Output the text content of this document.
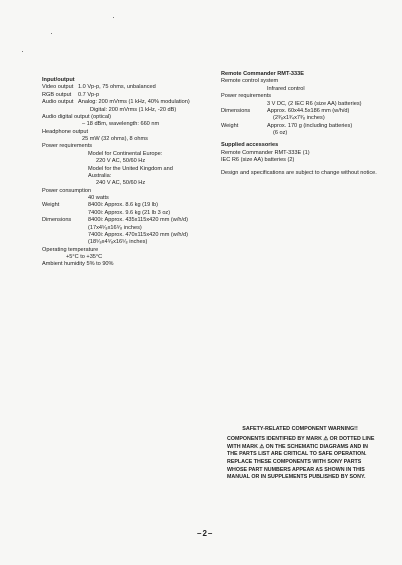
Input/output
Video output 1.0 Vp-p, 75 ohms, unbalanced
RGB output	0.7 Vp-p
Audio output Analog: 200 mVrms (1 kHz, 40% modulation)
Digital: 200 mVrms (1 kHz, -20 dB)
Audio digital output (optical)
– 18 dBm, wavelength: 660 nm
Headphone output
25 mW (32 ohms), 8 ohms
Power requirements
Model for Continental Europe:
220 V AC, 50/60 Hz
Model for the United Kingdom and Australia:
240 V AC, 50/60 Hz
Power consumption
40 watts
Weight	8400i: Approx. 8.6 kg (19 lb)
7400i: Approx. 9.6 kg (21 lb 3 oz)
Dimensions	8400i: Approx. 435x115x420 mm (w/h/d)
(17x4⁵⁄₈x16⁵⁄₈ inches)
7400i: Approx. 470x115x420 mm (w/h/d)
(18⁵⁄₈x4⁵⁄₈x16⁵⁄₈ inches)
Operating temperature
+5°C to +35°C
Ambient humidity 5% to 90%
Remote Commander RMT-333E
Remote control system
Infrared control
Power requirements
3 V DC, (2 IEC R6 (size AA) batteries)
Dimensions	Approx. 60x44.5x186 mm (w/h/d)
(2³⁄₈x1³⁄₄x7³⁄₈ inches)
Weight	Approx. 170 g (including batteries)
(6 oz)
Supplied accessories
Remote Commander RMT-333E (1)
IEC R6 (size AA) batteries (2)
Design and specifications are subject to change without notice.
SAFETY-RELATED COMPONENT WARNING!!
COMPONENTS IDENTIFIED BY MARK ⚠ OR DOTTED LINE WITH MARK ⚠ ON THE SCHEMATIC DIAGRAMS AND IN THE PARTS LIST ARE CRITICAL TO SAFE OPERATION. REPLACE THESE COMPONENTS WITH SONY PARTS WHOSE PART NUMBERS APPEAR AS SHOWN IN THIS MANUAL OR IN SUPPLEMENTS PUBLISHED BY SONY.
–2–
